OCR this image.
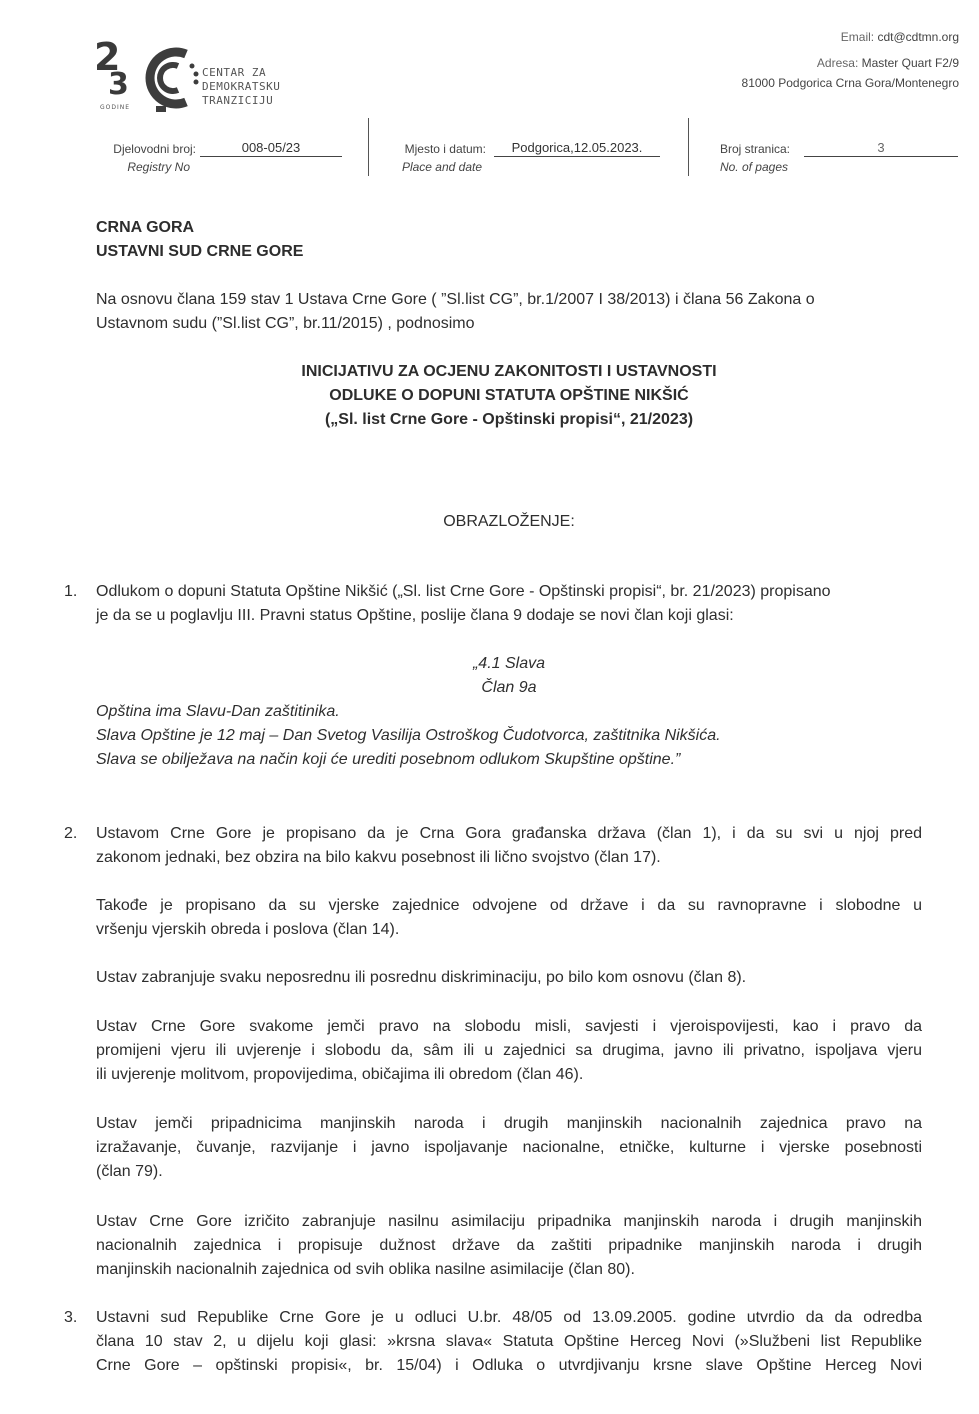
2
3
GODINE
CENTAR ZA
DEMOKRATSKU
TRANZICIJU
Email: cdt@cdtmn.org
Adresa: Master Quart F2/9
81000 Podgorica Crna Gora/Montenegro
Djelovodni broj:
Registry No
008-05/23	Mjesto i datum:
Place and date
Podgorica,12.05.2023.	Broj stranica:
No. of pages
3
CRNA GORA
USTAVNI SUD CRNE GORE
Na osnovu člana 159 stav 1 Ustava Crne Gore ( ”Sl.list CG”, br.1/2007 I 38/2013) i člana 56 Zakona o
Ustavnom sudu (”Sl.list CG”, br.11/2015) , podnosimo
INICIJATIVU ZA OCJENU ZAKONITOSTI I USTAVNOSTI
ODLUKE O DOPUNI STATUTA OPŠTINE NIKŠIĆ
(„Sl. list Crne Gore - Opštinski propisi“, 21/2023)
OBRAZLOŽENJE:
1. Odlukom o dopuni Statuta Opštine Nikšić („Sl. list Crne Gore - Opštinski propisi“, br. 21/2023) propisano
je da se u poglavlju III. Pravni status Opštine, poslije člana 9 dodaje se novi član koji glasi:
„4.1 Slava
Član 9a
Opština ima Slavu-Dan zaštitinika.
Slava Opštine je 12 maj – Dan Svetog Vasilija Ostroškog Čudotvorca, zaštitnika Nikšića.
Slava se obilježava na način koji će urediti posebnom odlukom Skupštine opštine.”
2. Ustavom Crne Gore je propisano da je Crna Gora građanska država (član 1), i da su svi u njoj pred
zakonom jednaki, bez obzira na bilo kakvu posebnost ili lično svojstvo (član 17).
Takođe je propisano da su vjerske zajednice odvojene od države i da su ravnopravne i slobodne u
vršenju vjerskih obreda i poslova (član 14).
Ustav zabranjuje svaku neposrednu ili posrednu diskriminaciju, po bilo kom osnovu (član 8).
Ustav Crne Gore svakome jemči pravo na slobodu misli, savjesti i vjeroispovijesti, kao i pravo da
promijeni vjeru ili uvjerenje i slobodu da, sâm ili u zajednici sa drugima, javno ili privatno, ispoljava vjeru
ili uvjerenje molitvom, propovijedima, običajima ili obredom (član 46).
Ustav jemči pripadnicima manjinskih naroda i drugih manjinskih nacionalnih zajednica pravo na
izražavanje, čuvanje, razvijanje i javno ispoljavanje nacionalne, etničke, kulturne i vjerske posebnosti
(član 79).
Ustav Crne Gore izričito zabranjuje nasilnu asimilaciju pripadnika manjinskih naroda i drugih manjinskih
nacionalnih zajednica i propisuje dužnost države da zaštiti pripadnike manjinskih naroda i drugih
manjinskih nacionalnih zajednica od svih oblika nasilne asimilacije (član 80).
3. Ustavni sud Republike Crne Gore je u odluci U.br. 48/05 od 13.09.2005. godine utvrdio da da odredba
člana 10 stav 2, u dijelu koji glasi: »krsna slava« Statuta Opštine Herceg Novi (»Službeni list Republike
Crne Gore – opštinski propisi«, br. 15/04) i Odluka o utvrdjivanju krsne slave Opštine Herceg Novi
